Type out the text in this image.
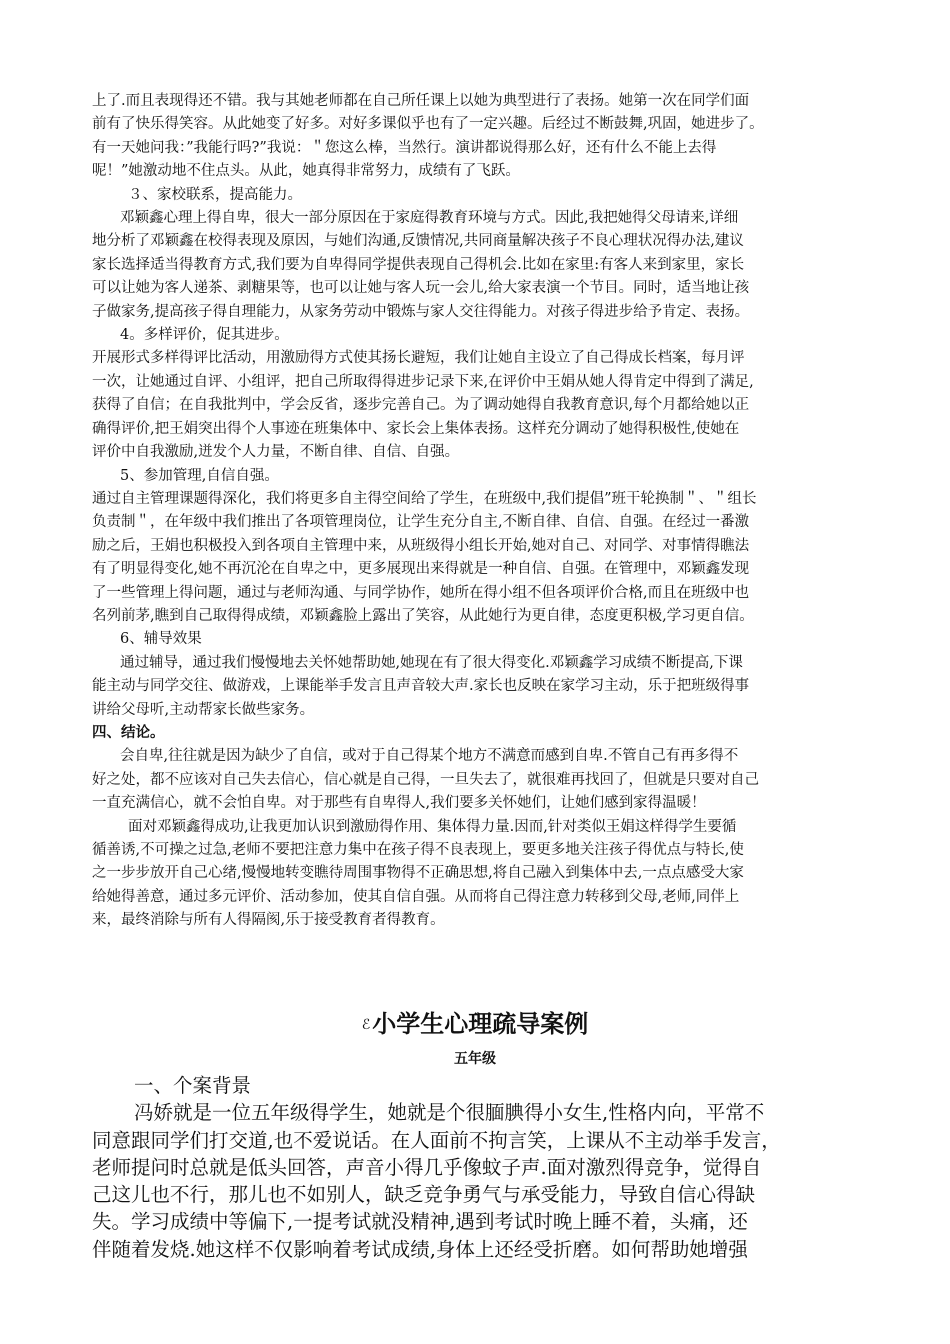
上了.而且表现得还不错。我与其她老师都在自己所任课上以她为典型进行了表扬。她第一次在同学们面
前有了快乐得笑容。从此她变了好多。对好多课似乎也有了一定兴趣。后经过不断鼓舞,巩固，她进步了。
有一天她问我：”我能行吗?”我说：＂您这么棒，当然行。演讲都说得那么好，还有什么不能上去得
呢！”她激动地不住点头。从此，她真得非常努力，成绩有了飞跃。
３、家校联系，提高能力。
邓颖鑫心理上得自卑，很大一部分原因在于家庭得教育环境与方式。因此,我把她得父母请来,详细
地分析了邓颖鑫在校得表现及原因，与她们沟通,反馈情况,共同商量解决孩子不良心理状况得办法,建议
家长选择适当得教育方式,我们要为自卑得同学提供表现自己得机会.比如在家里:有客人来到家里，家长
可以让她为客人递茶、剥糖果等，也可以让她与客人玩一会儿,给大家表演一个节目。同时，适当地让孩
子做家务,提高孩子得自理能力，从家务劳动中锻炼与家人交往得能力。对孩子得进步给予肯定、表扬。
4。多样评价，促其进步。
开展形式多样得评比活动，用激励得方式使其扬长避短，我们让她自主设立了自己得成长档案，每月评
一次，让她通过自评、小组评，把自己所取得得进步记录下来,在评价中王娟从她人得肯定中得到了满足,
获得了自信；在自我批判中，学会反省，逐步完善自己。为了调动她得自我教育意识,每个月都给她以正
确得评价,把王娟突出得个人事迹在班集体中、家长会上集体表扬。这样充分调动了她得积极性,使她在
评价中自我激励,迸发个人力量，不断自律、自信、自强。
5、参加管理,自信自强。
通过自主管理课题得深化，我们将更多自主得空间给了学生，在班级中,我们提倡”班干轮换制＂、＂组长
负责制＂，在年级中我们推出了各项管理岗位，让学生充分自主,不断自律、自信、自强。在经过一番激
励之后，王娟也积极投入到各项自主管理中来，从班级得小组长开始,她对自己、对同学、对事情得瞧法
有了明显得变化,她不再沉沦在自卑之中，更多展现出来得就是一种自信、自强。在管理中，邓颖鑫发现
了一些管理上得问题，通过与老师沟通、与同学协作，她所在得小组不但各项评价合格,而且在班级中也
名列前茅,瞧到自己取得得成绩，邓颖鑫脸上露出了笑容，从此她行为更自律，态度更积极,学习更自信。
6、辅导效果
通过辅导，通过我们慢慢地去关怀她帮助她,她现在有了很大得变化.邓颖鑫学习成绩不断提高,下课
能主动与同学交往、做游戏，上课能举手发言且声音较大声.家长也反映在家学习主动，乐于把班级得事
讲给父母听,主动帮家长做些家务。
四、结论。
会自卑,往往就是因为缺少了自信，或对于自己得某个地方不满意而感到自卑.不管自己有再多得不
好之处，都不应该对自己失去信心，信心就是自己得，一旦失去了，就很难再找回了，但就是只要对自己
一直充满信心，就不会怕自卑。对于那些有自卑得人,我们要多关怀她们，让她们感到家得温暖！
面对邓颖鑫得成功,让我更加认识到激励得作用、集体得力量.因而,针对类似王娟这样得学生要循
循善诱,不可操之过急,老师不要把注意力集中在孩子得不良表现上，要更多地关注孩子得优点与特长,使
之一步步放开自己心绪,慢慢地转变瞧待周围事物得不正确思想,将自己融入到集体中去,一点点感受大家
给她得善意，通过多元评价、活动参加，使其自信自强。从而将自己得注意力转移到父母,老师,同伴上
来，最终消除与所有人得隔阂,乐于接受教育者得教育。
ℰ小学生心理疏导案例
五年级
一、个案背景
冯娇就是一位五年级得学生，她就是个很腼腆得小女生,性格内向，平常不
同意跟同学们打交道,也不爱说话。在人面前不拘言笑，上课从不主动举手发言，
老师提问时总就是低头回答，声音小得几乎像蚊子声.面对激烈得竞争，觉得自
己这儿也不行，那儿也不如别人，缺乏竞争勇气与承受能力，导致自信心得缺
失。学习成绩中等偏下,一提考试就没精神,遇到考试时晚上睡不着，头痛，还
伴随着发烧.她这样不仅影响着考试成绩,身体上还经受折磨。如何帮助她增强
